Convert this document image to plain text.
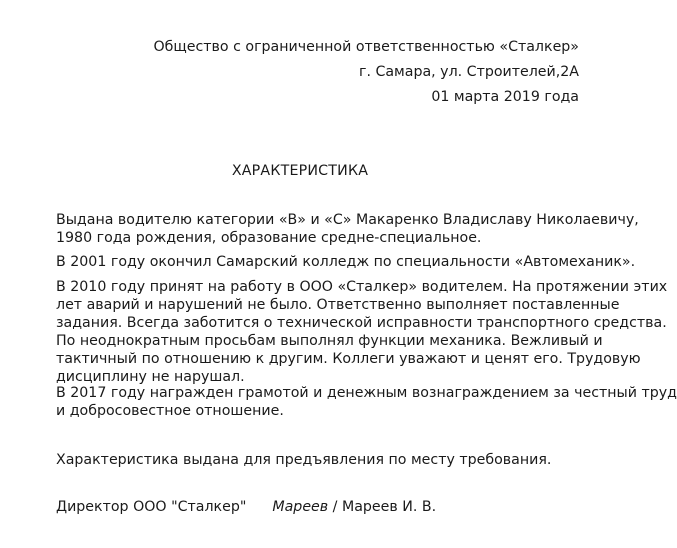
Общество с ограниченной ответственностью «Сталкер»
г. Самара, ул. Строителей,2А
01 марта 2019 года
ХАРАКТЕРИСТИКА
Выдана водителю категории «В» и «С» Макаренко Владиславу Николаевичу,
1980 года рождения, образование средне-специальное.
В 2001 году окончил Самарский колледж по специальности «Автомеханик».
В 2010 году принят на работу в ООО «Сталкер» водителем. На протяжении этих
лет аварий и нарушений не было. Ответственно выполняет поставленные
задания. Всегда заботится о технической исправности транспортного средства.
По неоднократным просьбам выполнял функции механика. Вежливый и
тактичный по отношению к другим. Коллеги уважают и ценят его. Трудовую
дисциплину не нарушал.
В 2017 году награжден грамотой и денежным вознаграждением за честный труд
и добросовестное отношение.
Характеристика выдана для предъявления по месту требования.
Директор ООО "Сталкер" Мареев / Мареев И. В.
